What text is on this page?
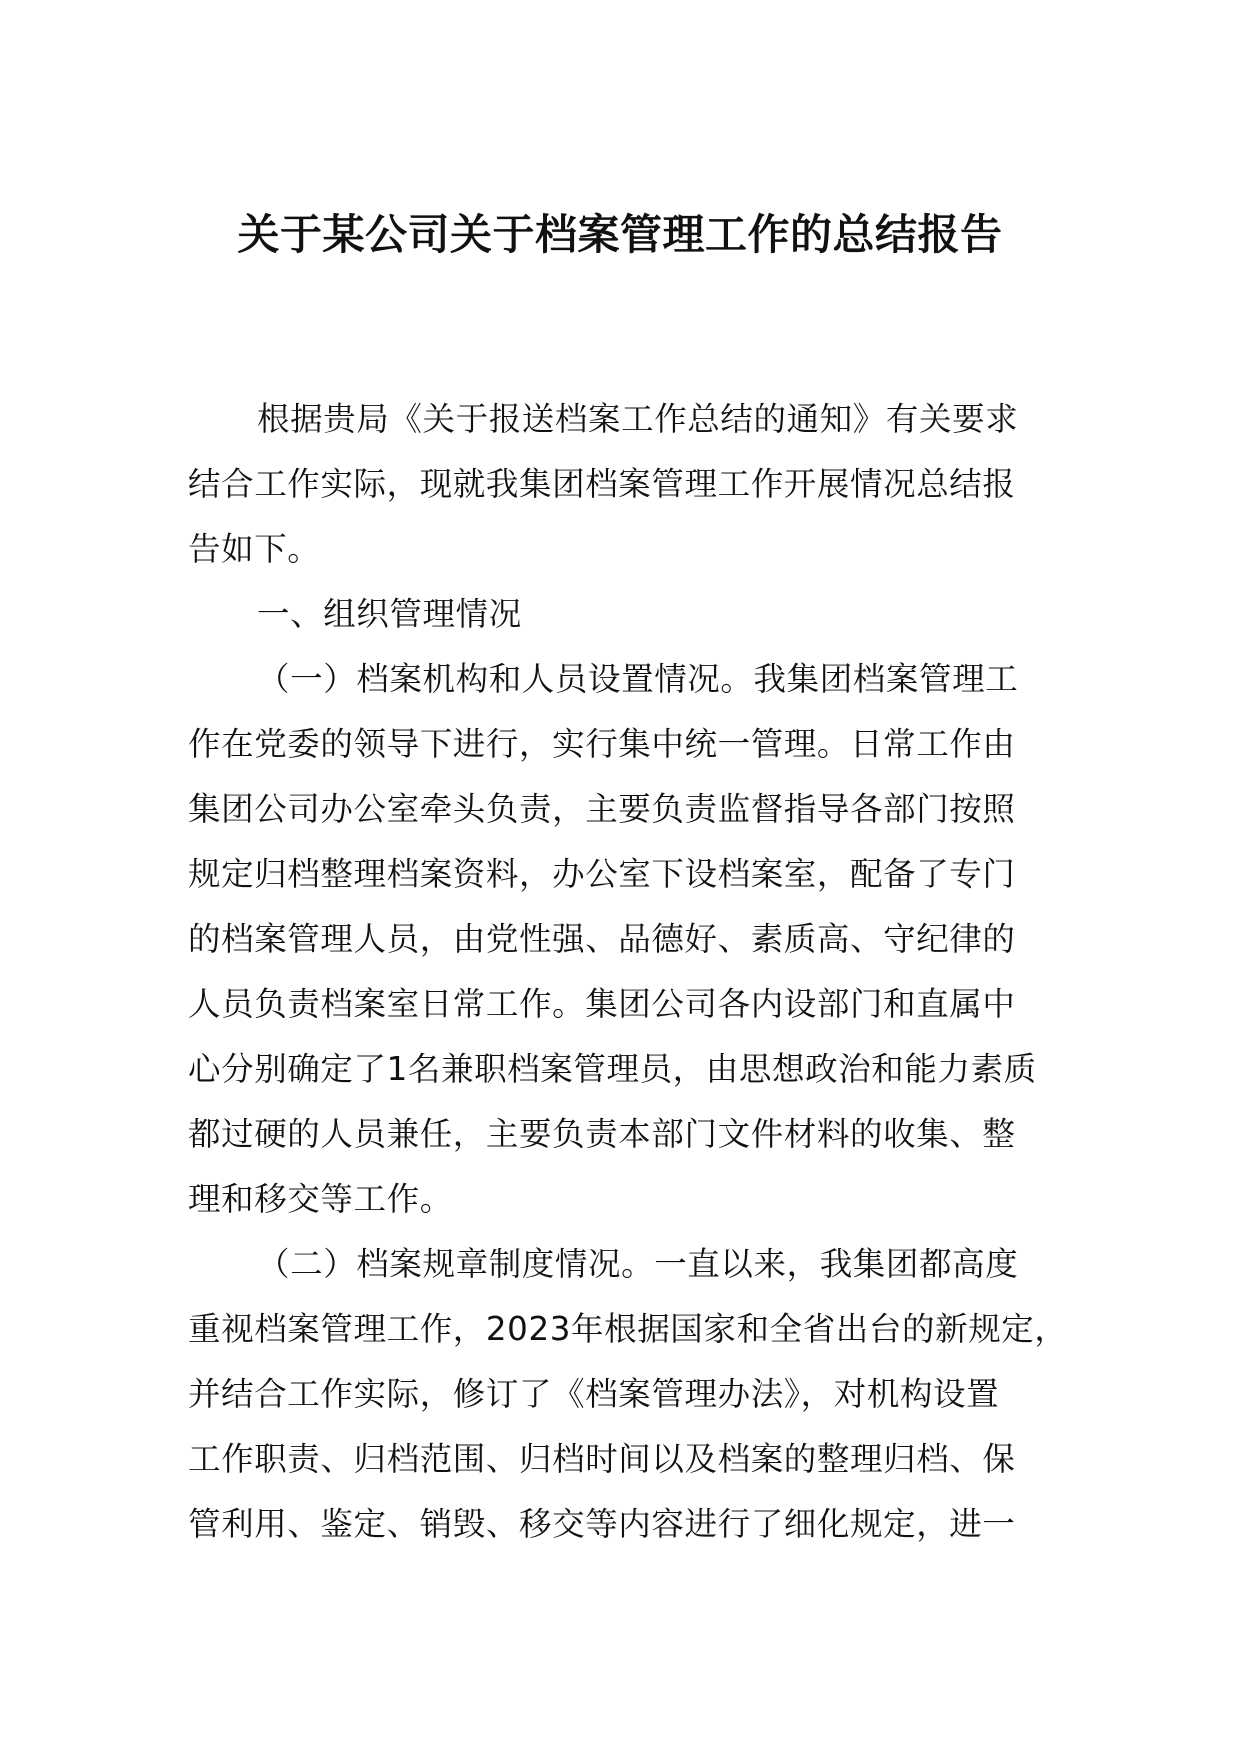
关于某公司关于档案管理工作的总结报告
根据贵局《关于报送档案工作总结的通知》有关要求
结合工作实际，现就我集团档案管理工作开展情况总结报
告如下。
一、组织管理情况
（一）档案机构和人员设置情况。我集团档案管理工
作在党委的领导下进行，实行集中统一管理。日常工作由
集团公司办公室牵头负责，主要负责监督指导各部门按照
规定归档整理档案资料，办公室下设档案室，配备了专门
的档案管理人员，由党性强、品德好、素质高、守纪律的
人员负责档案室日常工作。集团公司各内设部门和直属中
心分别确定了1名兼职档案管理员，由思想政治和能力素质
都过硬的人员兼任，主要负责本部门文件材料的收集、整
理和移交等工作。
（二）档案规章制度情况。一直以来，我集团都高度
重视档案管理工作，2023年根据国家和全省出台的新规定，
并结合工作实际，修订了《档案管理办法》，对机构设置
工作职责、归档范围、归档时间以及档案的整理归档、保
管利用、鉴定、销毁、移交等内容进行了细化规定，进一
